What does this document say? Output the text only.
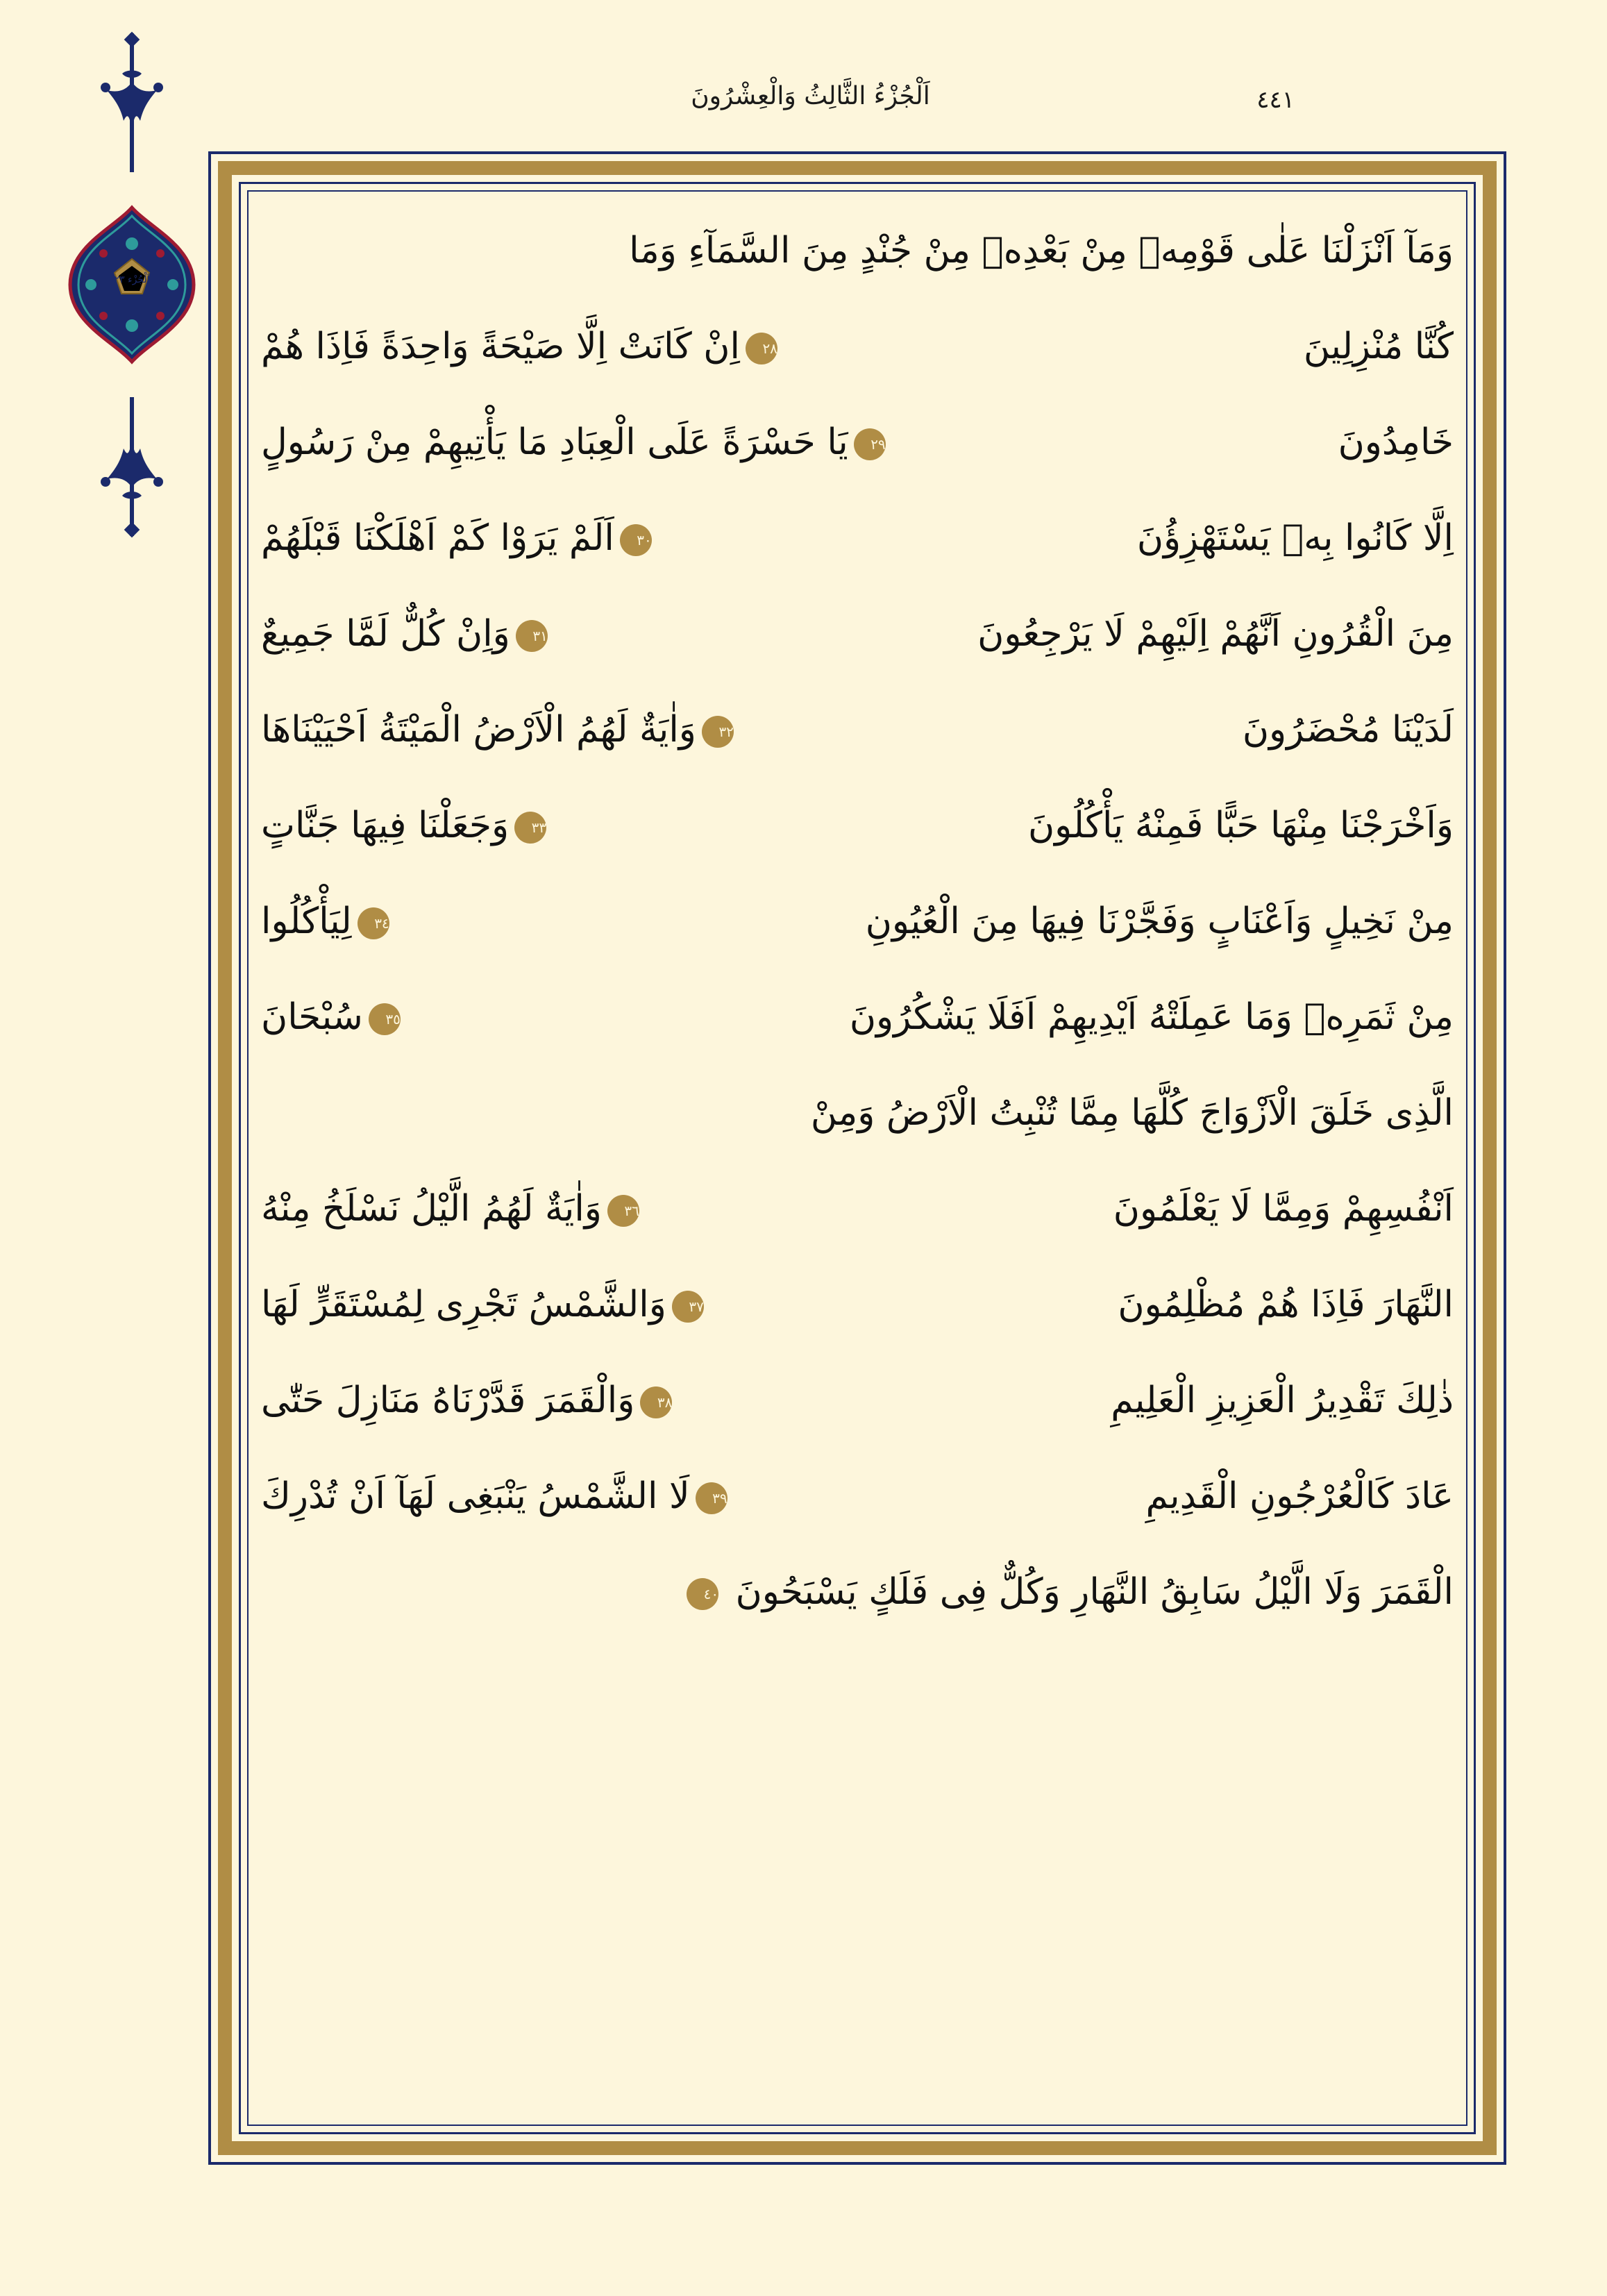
اَلْجُزْء ٢٣
اَلْجُزْءُ الثَّالِثُ وَالْعِشْرُونَ	٤٤١
وَمَآ اَنْزَلْنَا عَلٰى قَوْمِهٖ مِنْ بَعْدِهٖ مِنْ جُنْدٍ مِنَ السَّمَآءِ وَمَا
كُنَّا مُنْزِلِينَ ٢٨اِنْ كَانَتْ اِلَّا صَيْحَةً وَاحِدَةً فَاِذَا هُمْ
خَامِدُونَ ٢٩يَا حَسْرَةً عَلَى الْعِبَادِ مَا يَأْتِيهِمْ مِنْ رَسُولٍ
اِلَّا كَانُوا بِهٖ يَسْتَهْزِؤُنَ ٣٠اَلَمْ يَرَوْا كَمْ اَهْلَكْنَا قَبْلَهُمْ
مِنَ الْقُرُونِ اَنَّهُمْ اِلَيْهِمْ لَا يَرْجِعُونَ ٣١وَاِنْ كُلٌّ لَمَّا جَمِيعٌ
لَدَيْنَا مُحْضَرُونَ ٣٢وَاٰيَةٌ لَهُمُ الْاَرْضُ الْمَيْتَةُ اَحْيَيْنَاهَا
وَاَخْرَجْنَا مِنْهَا حَبًّا فَمِنْهُ يَأْكُلُونَ ٣٣وَجَعَلْنَا فِيهَا جَنَّاتٍ
مِنْ نَخِيلٍ وَاَعْنَابٍ وَفَجَّرْنَا فِيهَا مِنَ الْعُيُونِ ٣٤لِيَأْكُلُوا
مِنْ ثَمَرِهٖ وَمَا عَمِلَتْهُ اَيْدِيهِمْ اَفَلَا يَشْكُرُونَ ٣٥سُبْحَانَ
الَّذِى خَلَقَ الْاَزْوَاجَ كُلَّهَا مِمَّا تُنْبِتُ الْاَرْضُ وَمِنْ
اَنْفُسِهِمْ وَمِمَّا لَا يَعْلَمُونَ ٣٦وَاٰيَةٌ لَهُمُ الَّيْلُ نَسْلَخُ مِنْهُ
النَّهَارَ فَاِذَا هُمْ مُظْلِمُونَ ٣٧وَالشَّمْسُ تَجْرِى لِمُسْتَقَرٍّ لَهَا
ذٰلِكَ تَقْدِيرُ الْعَزِيزِ الْعَلِيمِ ٣٨وَالْقَمَرَ قَدَّرْنَاهُ مَنَازِلَ حَتّٰى
عَادَ كَالْعُرْجُونِ الْقَدِيمِ ٣٩لَا الشَّمْسُ يَنْبَغِى لَهَآ اَنْ تُدْرِكَ
الْقَمَرَ وَلَا الَّيْلُ سَابِقُ النَّهَارِ وَكُلٌّ فِى فَلَكٍ يَسْبَحُونَ ٤٠
